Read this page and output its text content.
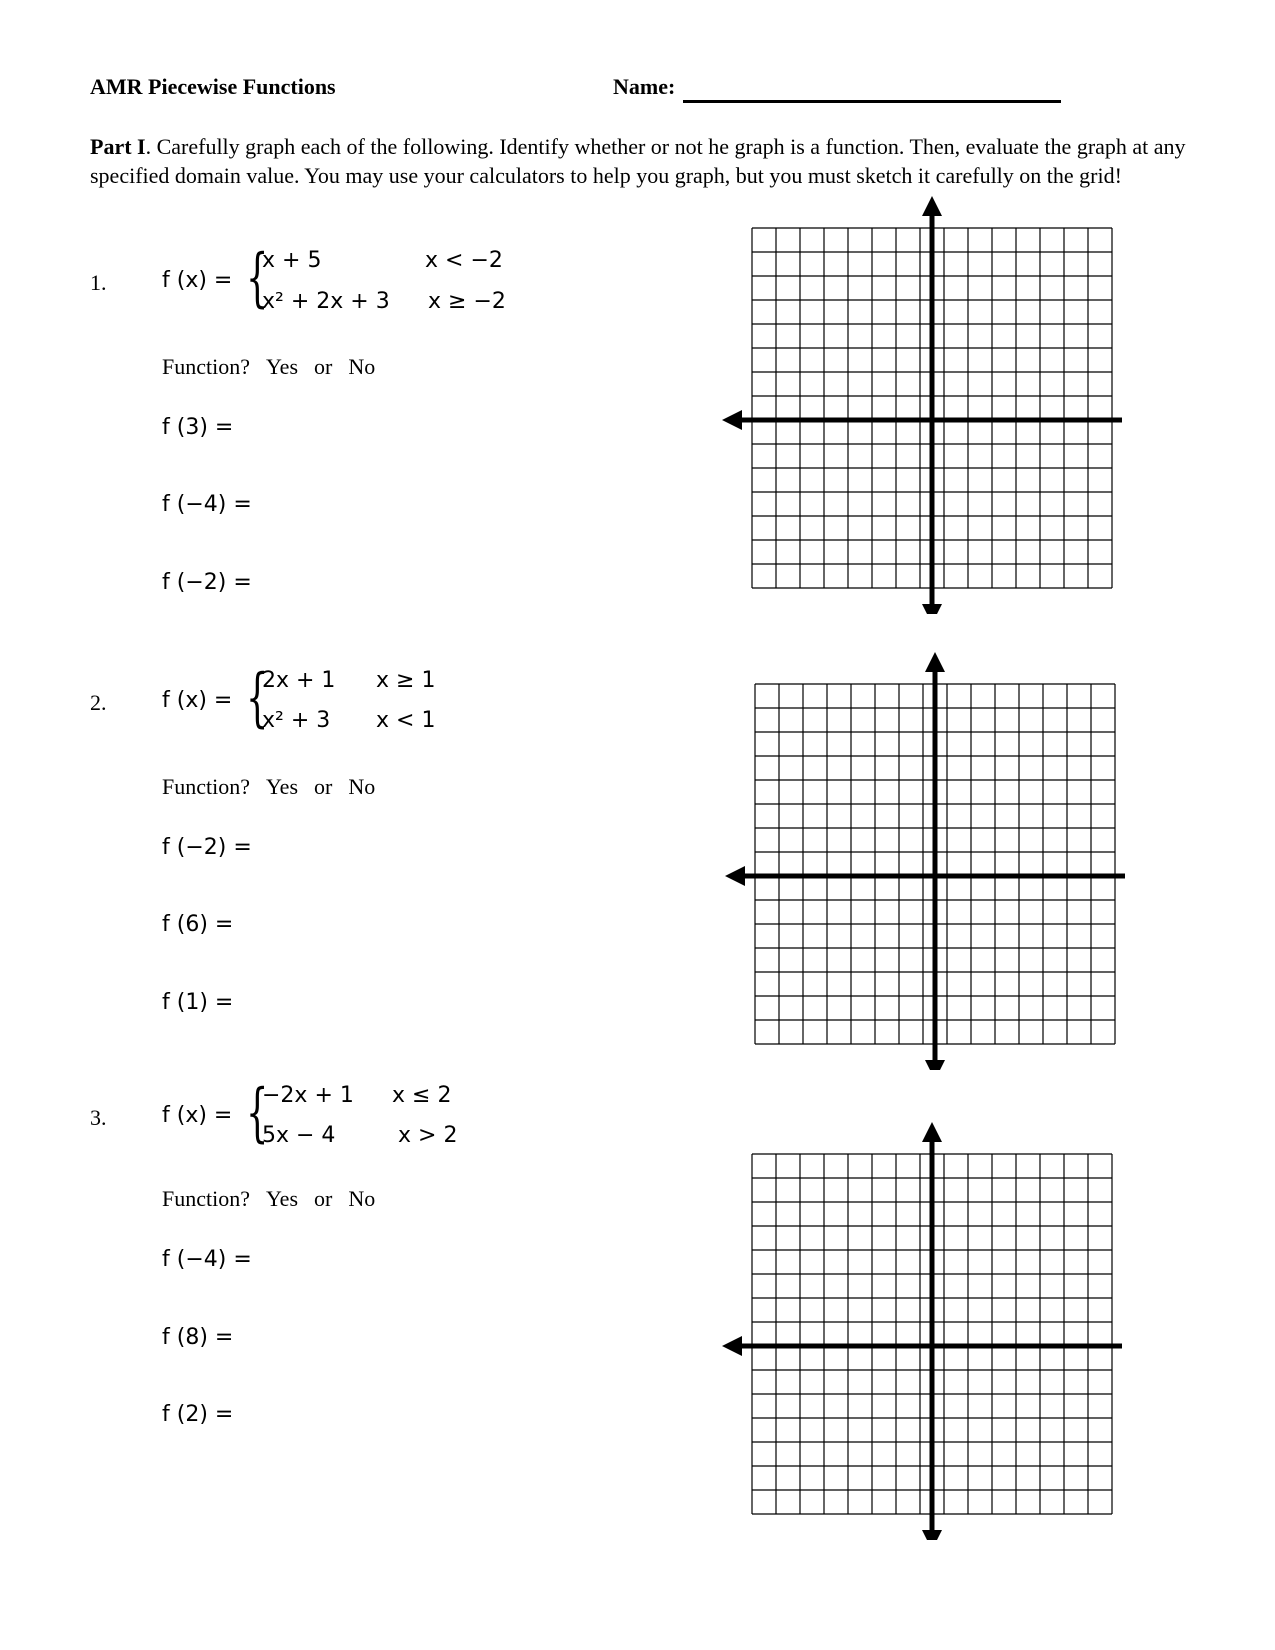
AMR Piecewise Functions	Name:
Part I. Carefully graph each of the following. Identify whether or not he graph is a function. Then, evaluate the graph at any specified domain value. You may use your calculators to help you graph, but you must sketch it carefully on the grid!
1.	f (x) = {
x + 5	x < −2
x² + 2x + 3 x ≥ −2
Function? Yes or No
f (3) =
f (−4) =
f (−2) =
2.	f (x) = {
2x + 1 x ≥ 1
x² + 3 x < 1
Function? Yes or No
f (−2) =
f (6) =
f (1) =
3.	f (x) = {
−2x + 1 x ≤ 2
5x − 4	x > 2
Function? Yes or No
f (−4) =
f (8) =
f (2) =
